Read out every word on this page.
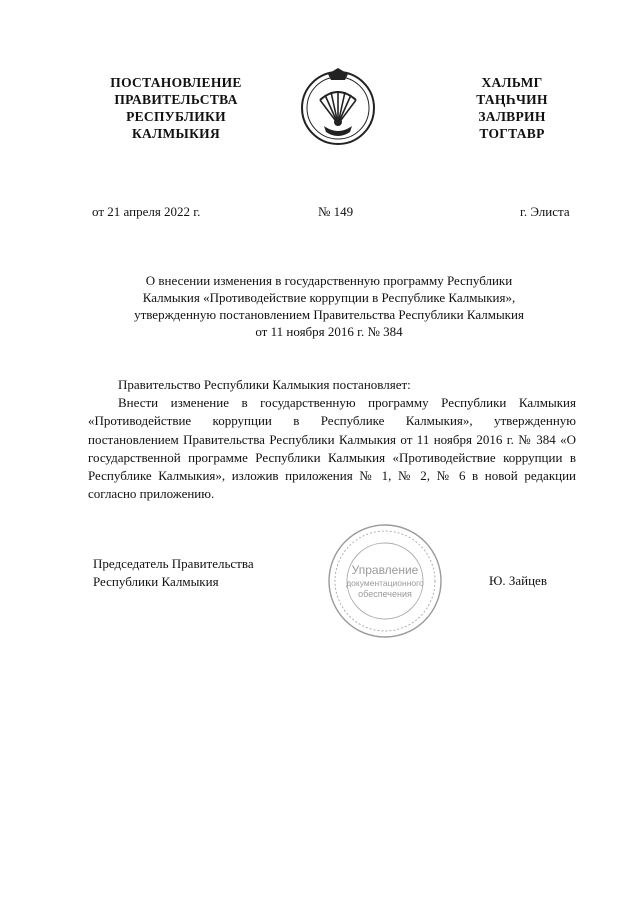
ПОСТАНОВЛЕНИЕ
ПРАВИТЕЛЬСТВА
РЕСПУБЛИКИ
КАЛМЫКИЯ
ХАЛЬМГ
ТАҢҺЧИН
ЗАЛВРИН
ТОГТАВР
от 21 апреля 2022 г.	№ 149	г. Элиста
О внесении изменения в государственную программу Республики
Калмыкия «Противодействие коррупции в Республике Калмыкия»,
утвержденную постановлением Правительства Республики Калмыкия
от 11 ноября 2016 г. № 384

Правительство Республики Калмыкия постановляет:

Внести изменение в государственную программу Республики Калмыкия «Противодействие коррупции в Республике Калмыкия», утвержденную постановлением Правительства Республики Калмыкия от 11 ноября 2016 г. № 384 «О государственной программе Республики Калмыкия «Противодействие коррупции в Республике Калмыкия», изложив приложения № 1, № 2, № 6 в новой редакции согласно приложению.

Председатель Правительства
Республики Калмыкия
Управление
документационного
обеспечения
Ю. Зайцев
